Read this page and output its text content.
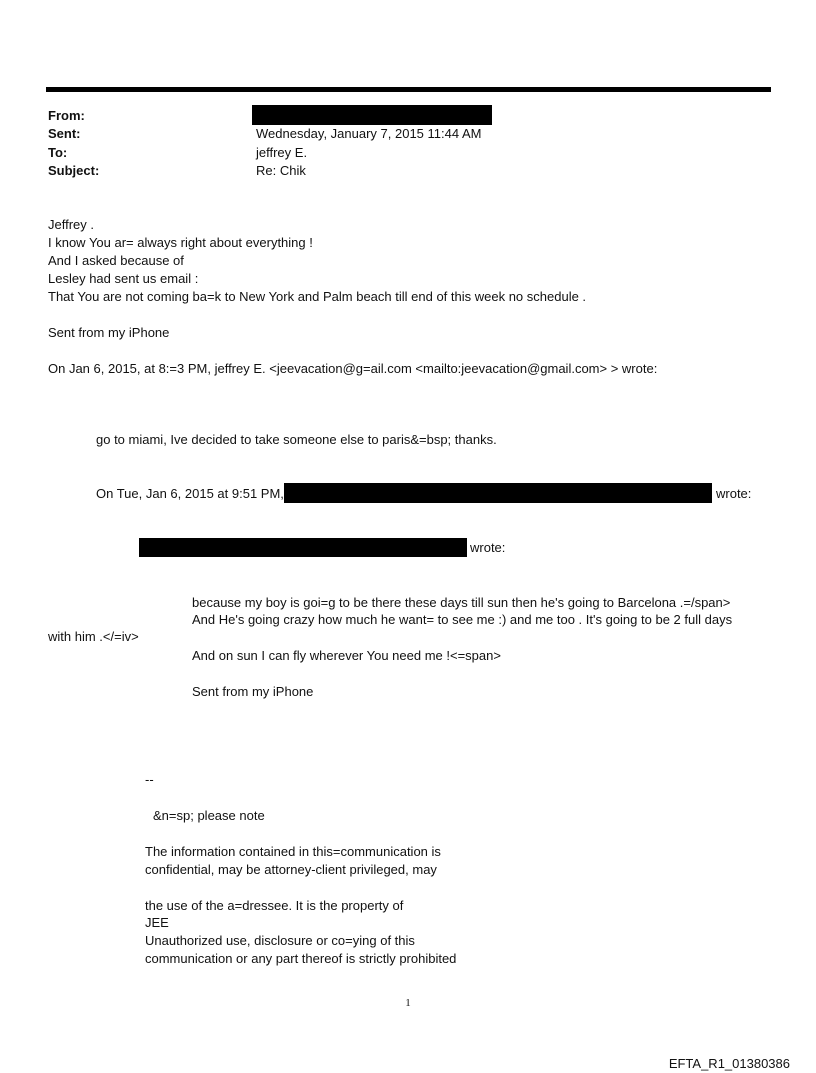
From:
Sent:	Wednesday, January 7, 2015 11:44 AM
To:	jeffrey E.
Subject:	Re: Chik
Jeffrey .
I know You ar= always right about everything !
And I asked because of
Lesley had sent us email :
That You are not coming ba=k to New York and Palm beach till end of this week no schedule .
Sent from my iPhone
On Jan 6, 2015, at 8:=3 PM, jeffrey E. <jeevacation@g=ail.com <mailto:jeevacation@gmail.com> > wrote:
go to miami, Ive decided to take someone else to paris&=bsp; thanks.
On Tue, Jan 6, 2015 at 9:51 PM,	wrote:
wrote:
because my boy is goi=g to be there these days till sun then he's going to Barcelona .=/span>
And He's going crazy how much he want= to see me :) and me too . It's going to be 2 full days
with him .</=iv>
And on sun I can fly wherever You need me !<=span>
Sent from my iPhone
--
&n=sp; please note
The information contained in this=communication is
confidential, may be attorney-client privileged, may
the use of the a=dressee. It is the property of
JEE
Unauthorized use, disclosure or co=ying of this
communication or any part thereof is strictly prohibited
1
EFTA_R1_01380386
